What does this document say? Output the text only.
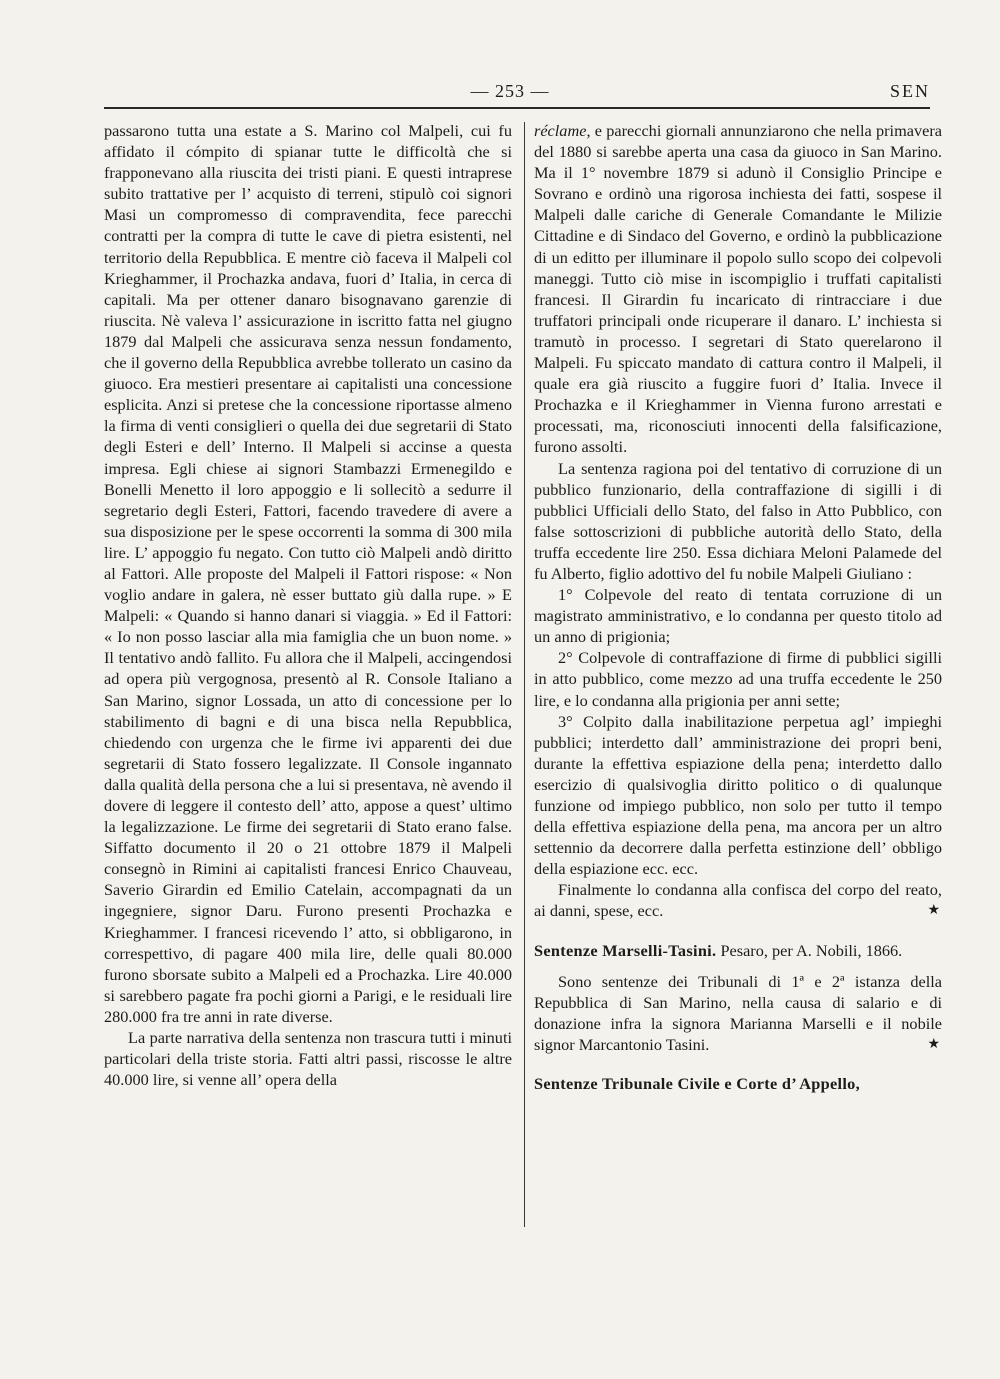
— 253 —	SEN

passarono tutta una estate a S. Marino col Malpeli, cui fu affidato il cómpito di spianar tutte le difficoltà che si frapponevano alla riuscita dei tristi piani. E questi intraprese subito trattative per l’ acquisto di terreni, stipulò coi signori Masi un compromesso di compravendita, fece parecchi contratti per la compra di tutte le cave di pietra esistenti, nel territorio della Repubblica. E mentre ciò faceva il Malpeli col Krieghammer, il Prochazka andava, fuori d’ Italia, in cerca di capitali. Ma per ottener danaro bisognavano garenzie di riuscita. Nè valeva l’ assicurazione in iscritto fatta nel giugno 1879 dal Malpeli che assicurava senza nessun fondamento, che il governo della Repubblica avrebbe tollerato un casino da giuoco. Era mestieri presentare ai capitalisti una concessione esplicita. Anzi si pretese che la concessione riportasse almeno la firma di venti consiglieri o quella dei due segretarii di Stato degli Esteri e dell’ Interno. Il Malpeli si accinse a questa impresa. Egli chiese ai signori Stambazzi Ermenegildo e Bonelli Menetto il loro appoggio e li sollecitò a sedurre il segretario degli Esteri, Fattori, facendo travedere di avere a sua disposizione per le spese occorrenti la somma di 300 mila lire. L’ appoggio fu negato. Con tutto ciò Malpeli andò diritto al Fattori. Alle proposte del Malpeli il Fattori rispose: « Non voglio andare in galera, nè esser buttato giù dalla rupe. » E Malpeli: « Quando si hanno danari si viaggia. » Ed il Fattori: « Io non posso lasciar alla mia famiglia che un buon nome. » Il tentativo andò fallito. Fu allora che il Malpeli, accingendosi ad opera più vergognosa, presentò al R. Console Italiano a San Marino, signor Lossada, un atto di concessione per lo stabilimento di bagni e di una bisca nella Repubblica, chiedendo con urgenza che le firme ivi apparenti dei due segretarii di Stato fossero legalizzate. Il Console ingannato dalla qualità della persona che a lui si presentava, nè avendo il dovere di leggere il contesto dell’ atto, appose a quest’ ultimo la legalizzazione. Le firme dei segretarii di Stato erano false. Siffatto documento il 20 o 21 ottobre 1879 il Malpeli consegnò in Rimini ai capitalisti francesi Enrico Chauveau, Saverio Girardin ed Emilio Catelain, accompagnati da un ingegniere, signor Daru. Furono presenti Prochazka e Krieghammer. I francesi ricevendo l’ atto, si obbligarono, in correspettivo, di pagare 400 mila lire, delle quali 80.000 furono sborsate subito a Malpeli ed a Prochazka. Lire 40.000 si sarebbero pagate fra pochi giorni a Parigi, e le residuali lire 280.000 fra tre anni in rate diverse.

La parte narrativa della sentenza non trascura tutti i minuti particolari della triste storia. Fatti altri passi, riscosse le altre 40.000 lire, si venne all’ opera della

réclame, e parecchi giornali annunziarono che nella primavera del 1880 si sarebbe aperta una casa da giuoco in San Marino. Ma il 1° novembre 1879 si adunò il Consiglio Principe e Sovrano e ordinò una rigorosa inchiesta dei fatti, sospese il Malpeli dalle cariche di Generale Comandante le Milizie Cittadine e di Sindaco del Governo, e ordinò la pubblicazione di un editto per illuminare il popolo sullo scopo dei colpevoli maneggi. Tutto ciò mise in iscompiglio i truffati capitalisti francesi. Il Girardin fu incaricato di rintracciare i due truffatori principali onde ricuperare il danaro. L’ inchiesta si tramutò in processo. I segretari di Stato querelarono il Malpeli. Fu spiccato mandato di cattura contro il Malpeli, il quale era già riuscito a fuggire fuori d’ Italia. Invece il Prochazka e il Krieghammer in Vienna furono arrestati e processati, ma, riconosciuti innocenti della falsificazione, furono assolti.

La sentenza ragiona poi del tentativo di corruzione di un pubblico funzionario, della contraffazione di sigilli i di pubblici Ufficiali dello Stato, del falso in Atto Pubblico, con false sottoscrizioni di pubbliche autorità dello Stato, della truffa eccedente lire 250. Essa dichiara Meloni Palamede del fu Alberto, figlio adottivo del fu nobile Malpeli Giuliano :

1° Colpevole del reato di tentata corruzione di un magistrato amministrativo, e lo condanna per questo titolo ad un anno di prigionia;

2° Colpevole di contraffazione di firme di pubblici sigilli in atto pubblico, come mezzo ad una truffa eccedente le 250 lire, e lo condanna alla prigionia per anni sette;

3° Colpito dalla inabilitazione perpetua agl’ impieghi pubblici; interdetto dall’ amministrazione dei propri beni, durante la effettiva espiazione della pena; interdetto dallo esercizio di qualsivoglia diritto politico o di qualunque funzione od impiego pubblico, non solo per tutto il tempo della effettiva espiazione della pena, ma ancora per un altro settennio da decorrere dalla perfetta estinzione dell’ obbligo della espiazione ecc. ecc.

Finalmente lo condanna alla confisca del corpo del reato, ai danni, spese, ecc.	★

Sentenze Marselli-Tasini. Pesaro, per A. Nobili, 1866.

Sono sentenze dei Tribunali di 1ª e 2ª istanza della Repubblica di San Marino, nella causa di salario e di donazione infra la signora Marianna Marselli e il nobile signor Marcantonio Tasini.	★

Sentenze Tribunale Civile e Corte d’ Appello,
